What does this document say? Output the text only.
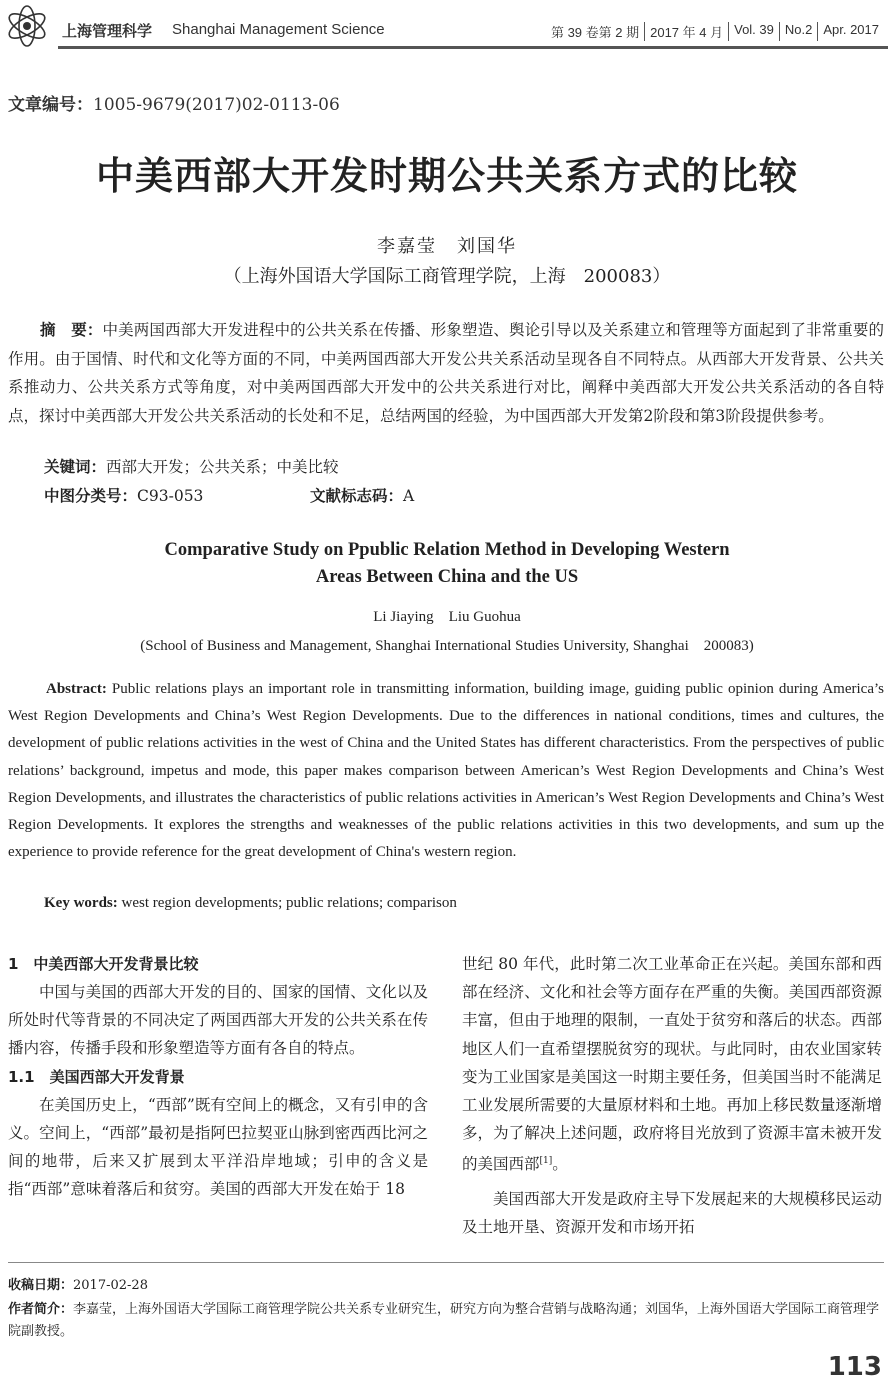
上海管理科学 Shanghai Management Science	第 39 卷第 2 期 2017 年 4 月 Vol. 39 No.2 Apr. 2017
文章编号：1005-9679(2017)02-0113-06
中美西部大开发时期公共关系方式的比较
李嘉莹　刘国华
（上海外国语大学国际工商管理学院，上海　200083）
摘　要：中美两国西部大开发进程中的公共关系在传播、形象塑造、舆论引导以及关系建立和管理等方面起到了非常重要的作用。由于国情、时代和文化等方面的不同，中美两国西部大开发公共关系活动呈现各自不同特点。从西部大开发背景、公共关系推动力、公共关系方式等角度，对中美两国西部大开发中的公共关系进行对比，阐释中美西部大开发公共关系活动的各自特点，探讨中美西部大开发公共关系活动的长处和不足，总结两国的经验，为中国西部大开发第2阶段和第3阶段提供参考。
关键词：西部大开发；公共关系；中美比较
中图分类号：C93-053	文献标志码：A
Comparative Study on Ppublic Relation Method in Developing Western
Areas Between China and the US
Li Jiaying　Liu Guohua
(School of Business and Management, Shanghai International Studies University, Shanghai　200083)
Abstract: Public relations plays an important role in transmitting information, building image, guiding public opinion during America’s West Region Developments and China’s West Region Developments. Due to the differences in national conditions, times and cultures, the development of public relations activities in the west of China and the United States has different characteristics. From the perspectives of public relations’ background, impetus and mode, this paper makes comparison between American’s West Region Developments and China’s West Region Developments, and illustrates the characteristics of public relations activities in American’s West Region Developments and China’s West Region Developments. It explores the strengths and weaknesses of the public relations activities in this two developments, and sum up the experience to provide reference for the great development of China's western region.
Key words: west region developments; public relations; comparison
1　中美西部大开发背景比较

中国与美国的西部大开发的目的、国家的国情、文化以及所处时代等背景的不同决定了两国西部大开发的公共关系在传播内容，传播手段和形象塑造等方面有各自的特点。

1.1　美国西部大开发背景

在美国历史上，“西部”既有空间上的概念，又有引申的含义。空间上，“西部”最初是指阿巴拉契亚山脉到密西西比河之间的地带，后来又扩展到太平洋沿岸地域；引申的含义是指“西部”意味着落后和贫穷。美国的西部大开发在始于 18

世纪 80 年代，此时第二次工业革命正在兴起。美国东部和西部在经济、文化和社会等方面存在严重的失衡。美国西部资源丰富，但由于地理的限制，一直处于贫穷和落后的状态。西部地区人们一直希望摆脱贫穷的现状。与此同时，由农业国家转变为工业国家是美国这一时期主要任务，但美国当时不能满足工业发展所需要的大量原材料和土地。再加上移民数量逐渐增多，为了解决上述问题，政府将目光放到了资源丰富未被开发的美国西部[1]。

美国西部大开发是政府主导下发展起来的大规模移民运动及土地开垦、资源开发和市场开拓

收稿日期：2017-02-28
作者简介：李嘉莹，上海外国语大学国际工商管理学院公共关系专业研究生，研究方向为整合营销与战略沟通；刘国华，上海外国语大学国际工商管理学院副教授。
113
